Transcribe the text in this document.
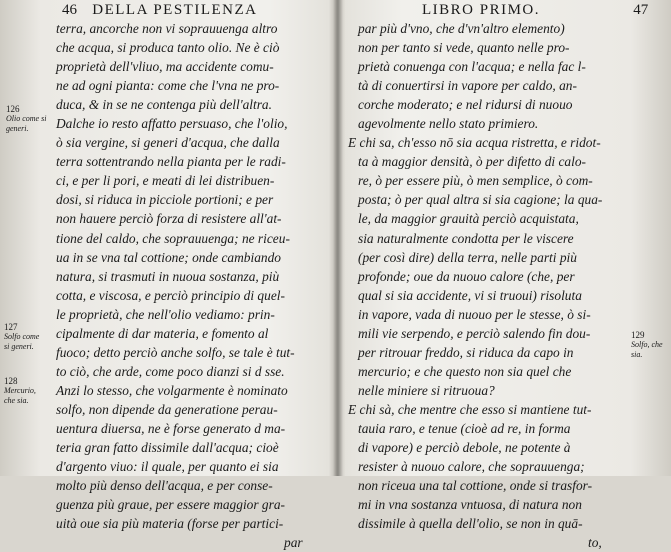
46 DELLA PESTILENZA
terra, ancorche non vi soprauuenga altro
che acqua, si produca tanto olio. Ne è ciò
proprietà dell'vliuo, ma accidente comu-
ne ad ogni pianta: come che l'vna ne pro-
duca, & in se ne contenga più dell'altra.
Dalche io resto affatto persuaso, che l'olio,
ò sia vergine, si generi d'acqua, che dalla
terra sottentrando nella pianta per le radi-
ci, e per li pori, e meati di lei distribuen-
dosi, si riduca in picciole portioni; e per
non hauere perciò forza di resistere all'at-
tione del caldo, che soprauuenga; ne riceu-
ua in se vna tal cottione; onde cambiando
natura, si trasmuti in nuoua sostanza, più
cotta, e viscosa, e perciò principio di quel-
le proprietà, che nell'olio vediamo: prin-
cipalmente di dar materia, e fomento al
fuoco; detto perciò anche solfo, se tale è tut-
to ciò, che arde, come poco dianzi si d sse.
Anzi lo stesso, che volgarmente è nominato
solfo, non dipende da generatione perau-
uentura diuersa, ne è forse generato d ma-
teria gran fatto dissimile dall'acqua; cioè
d'argento viuo: il quale, per quanto ei sia
molto più denso dell'acqua, e per conse-
guenza più graue, per essere maggior gra-
uità oue sia più materia (forse per partici-
par
126
Olio come si
generi.
127
Solfo come
si generi.
128
Mercurio,
che sia.
LIBRO PRIMO.	47
par più d'vno, che d'vn'altro elemento)
non per tanto si vede, quanto nelle pro-
prietà conuenga con l'acqua; e nella fac l-
tà di conuertirsi in vapore per caldo, an-
corche moderato; e nel ridursi di nuouo
agevolmente nello stato primiero.
E chi sa, ch'esso nō sia acqua ristretta, e ridot-
ta à maggior densità, ò per difetto di calo-
re, ò per essere più, ò men semplice, ò com-
posta; ò per qual altra si sia cagione; la qua-
le, da maggior grauità perciò acquistata,
sia naturalmente condotta per le viscere
(per così dire) della terra, nelle parti più
profonde; oue da nuouo calore (che, per
qual si sia accidente, vi si truoui) risoluta
in vapore, vada di nuouo per le stesse, ò si-
mili vie serpendo, e perciò salendo fin dou-
per ritrouar freddo, si riduca da capo in
mercurio; e che questo non sia quel che
nelle miniere si ritruoua?
E chi sà, che mentre che esso si mantiene tut-
tauia raro, e tenue (cioè ad re, in forma
di vapore) e perciò debole, ne potente à
resister à nuouo calore, che soprauuenga;
non riceua una tal cottione, onde si trasfor-
mi in vna sostanza vntuosa, di natura non
dissimile à quella dell'olio, se non in quā-
to,
129
Solfo, che
sia.
